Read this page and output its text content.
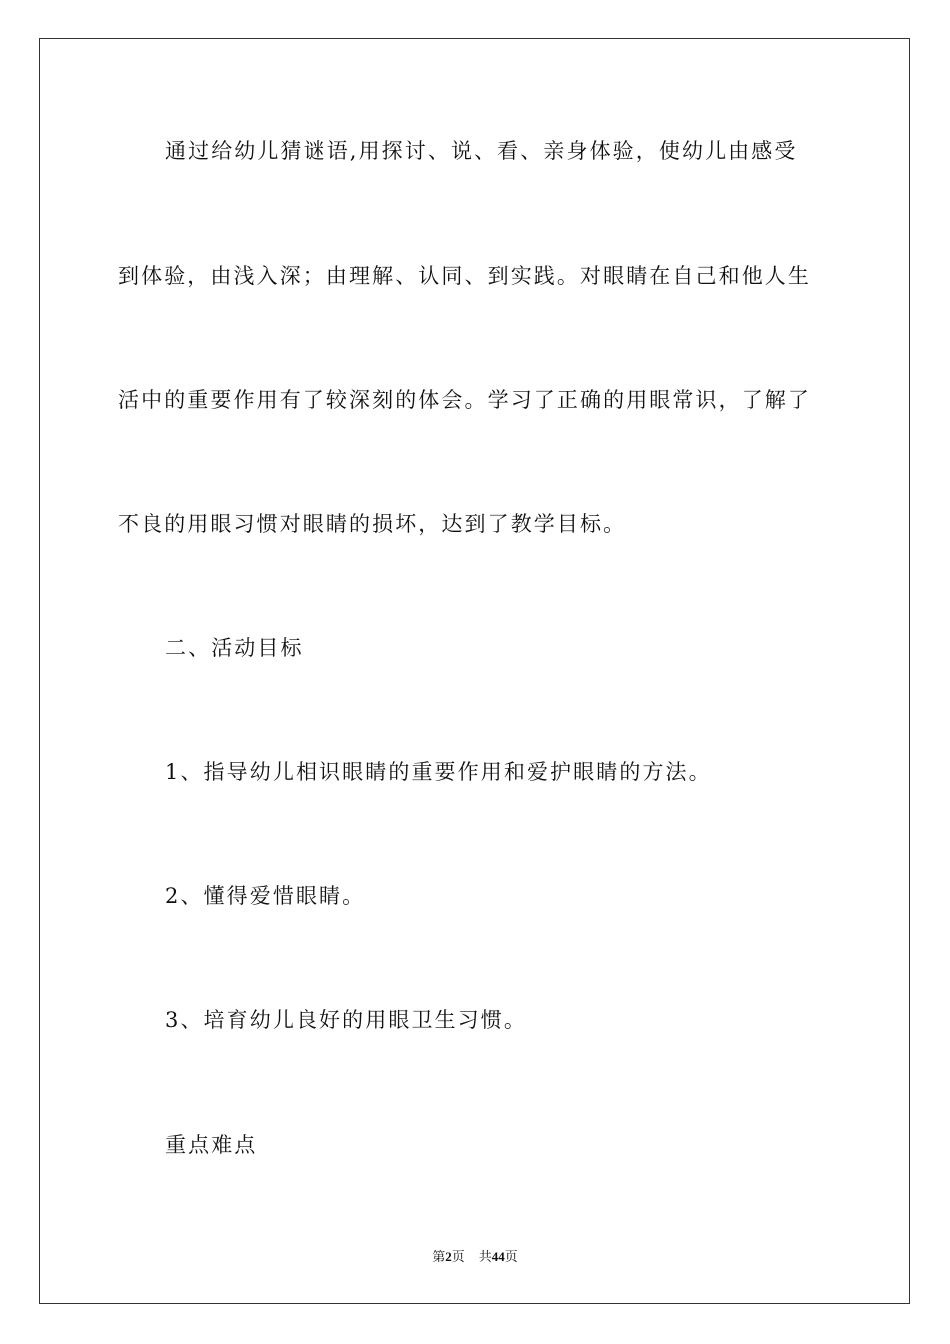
通过给幼儿猜谜语,用探讨、说、看、亲身体验，使幼儿由感受
到体验，由浅入深；由理解、认同、到实践。对眼睛在自己和他人生
活中的重要作用有了较深刻的体会。学习了正确的用眼常识，了解了
不良的用眼习惯对眼睛的损坏，达到了教学目标。
二、活动目标
1、指导幼儿相识眼睛的重要作用和爱护眼睛的方法。
2、懂得爱惜眼睛。
3、培育幼儿良好的用眼卫生习惯。
重点难点
第2页 共44页
